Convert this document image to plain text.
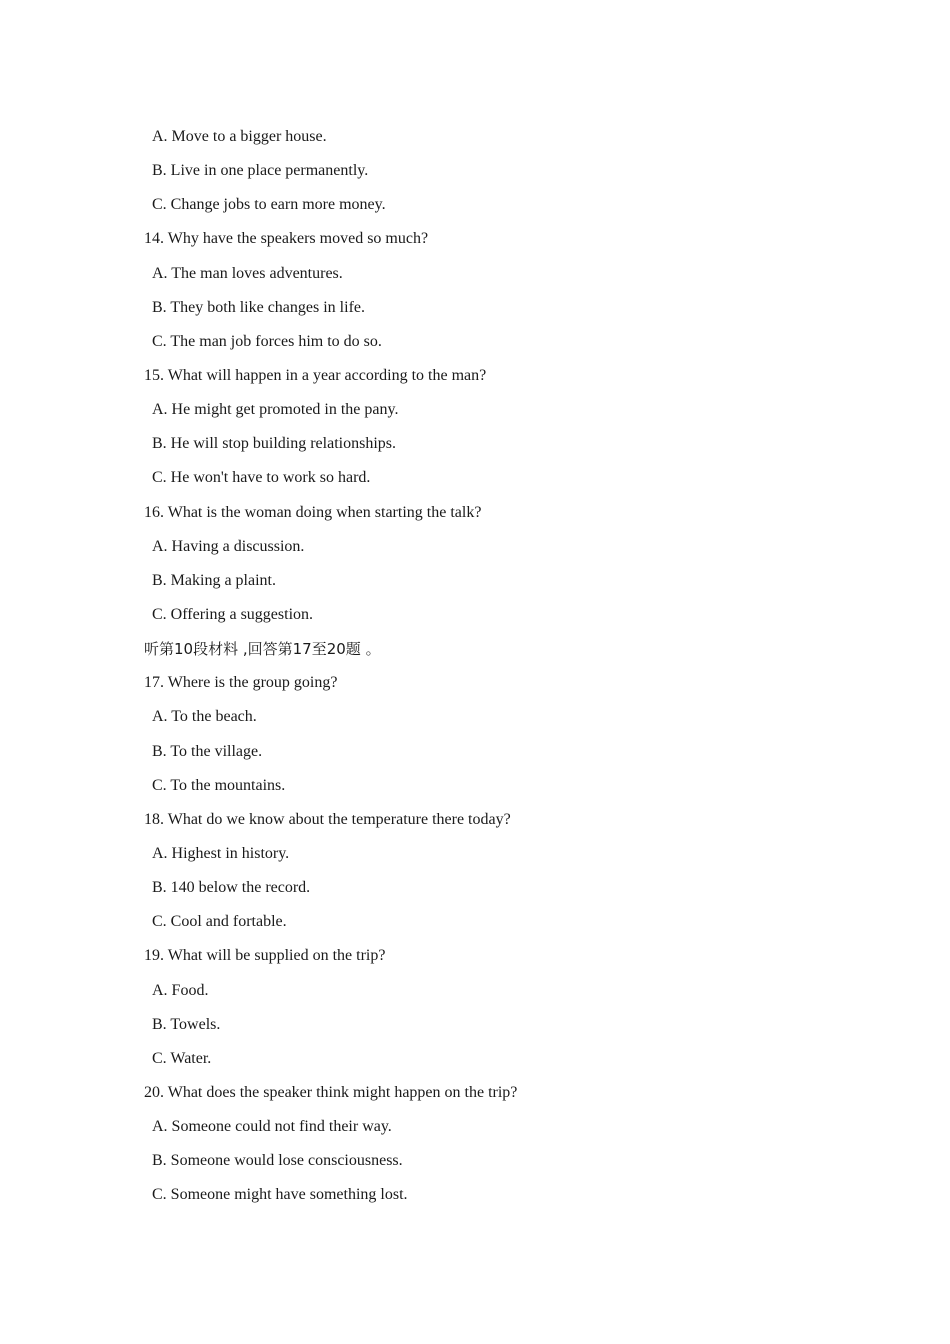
A. Move to a bigger house.
B. Live in one place permanently.
C. Change jobs to earn more money.
14. Why have the speakers moved so much?
A. The man loves adventures.
B. They both like changes in life.
C. The man job forces him to do so.
15. What will happen in a year according to the man?
A. He might get promoted in the pany.
B. He will stop building relationships.
C. He won't have to work so hard.
16. What is the woman doing when starting the talk?
A. Having a discussion.
B. Making a plaint.
C. Offering a suggestion.
听第10段材料 ,回答第17至20题 。
17. Where is the group going?
A. To the beach.
B. To the village.
C. To the mountains.
18. What do we know about the temperature there today?
A. Highest in history.
B. 140 below the record.
C. Cool and fortable.
19. What will be supplied on the trip?
A. Food.
B. Towels.
C. Water.
20. What does the speaker think might happen on the trip?
A. Someone could not find their way.
B. Someone would lose consciousness.
C. Someone might have something lost.
